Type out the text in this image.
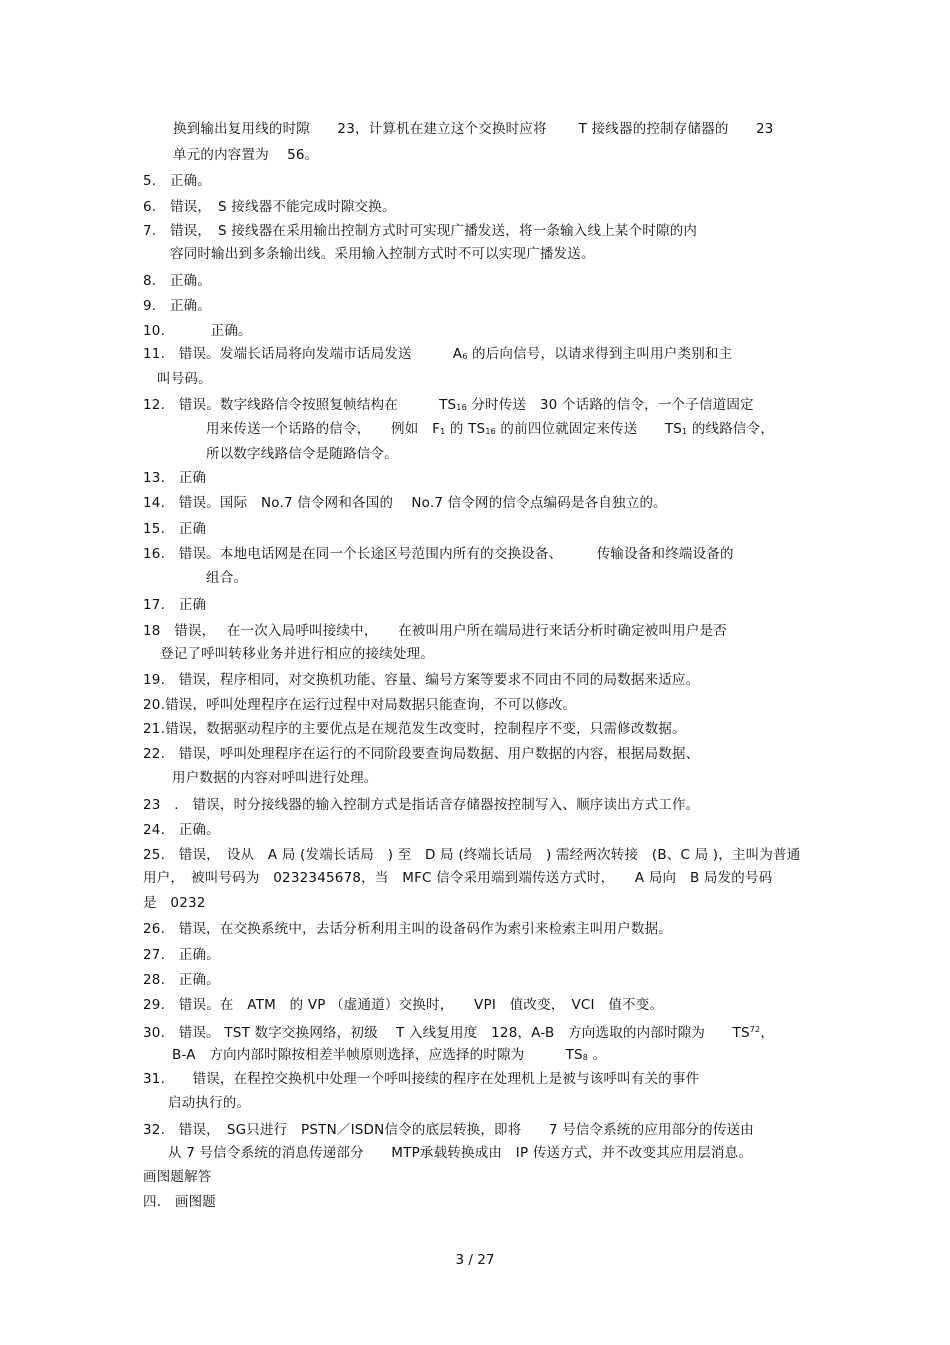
换到输出复用线的时隙　　23，计算机在建立这个交换时应将　　 T 接线器的控制存储器的　　23
单元的内容置为　 56。
5.　正确。
6.　错误，　S 接线器不能完成时隙交换。
7.　错误，　S 接线器在采用输出控制方式时可实现广播发送，将一条输入线上某个时隙的内
容同时输出到多条输出线。采用输入控制方式时不可以实现广播发送。
8.　正确。
9.　正确。
10.　　　 正确。
11.　错误。发端长话局将向发端市话局发送　　　A6 的后向信号，以请求得到主叫用户类别和主
叫号码。
12.　错误。数字线路信令按照复帧结构在　　　TS16 分时传送　30 个话路的信令，一个子信道固定
用来传送一个话路的信令，　　例如　F1 的 TS16 的前四位就固定来传送　　TS1 的线路信令，
所以数字线路信令是随路信令。
13.　正确
14.　错误。国际　No.7 信令网和各国的　 No.7 信令网的信令点编码是各自独立的。
15.　正确
16.　错误。本地电话网是在同一个长途区号范围内所有的交换设备、　　　传输设备和终端设备的
组合。
17.　正确
18　错误，　 在一次入局呼叫接续中，　　在被叫用户所在端局进行来话分析时确定被叫用户是否
登记了呼叫转移业务并进行相应的接续处理。
19.　错误，程序相同，对交换机功能、容量、编号方案等要求不同由不同的局数据来适应。
20.错误，呼叫处理程序在运行过程中对局数据只能查询，不可以修改。
21.错误，数据驱动程序的主要优点是在规范发生改变时，控制程序不变，只需修改数据。
22.　错误，呼叫处理程序在运行的不同阶段要查询局数据、用户数据的内容，根据局数据、
用户数据的内容对呼叫进行处理。
23　.　错误，时分接线器的输入控制方式是指话音存储器按控制写入、顺序读出方式工作。
24.　正确。
25.　错误，　设从　A 局 (发端长话局　) 至　D 局 (终端长话局　) 需经两次转接　(B、C 局 )，主叫为普通
用户，　被叫号码为　0232345678，当　MFC 信令采用端到端传送方式时，　　A 局向　B 局发的号码
是　0232
26.　错误，在交换系统中，去话分析利用主叫的设备码作为索引来检索主叫用户数据。
27.　正确。
28.　正确。
29.　错误。在　ATM　的 VP （虚通道）交换时，　　VPI　值改变，　VCI　值不变。
30.　错误。 TST 数字交换网络，初级　 T 入线复用度　128，A-B　方向选取的内部时隙为　　TS$^{72}$，
B-A　方向内部时隙按相差半帧原则选择，应选择的时隙为　　　TS8 。
31.　　错误，在程控交换机中处理一个呼叫接续的程序在处理机上是被与该呼叫有关的事件
启动执行的。
32.　错误，　SG只进行　PSTN／ISDN信令的底层转换，即将　　7 号信令系统的应用部分的传送由
从 7 号信令系统的消息传递部分　　MTP承载转换成由　IP 传送方式，并不改变其应用层消息。
画图题解答
四.　画图题
3 / 27
